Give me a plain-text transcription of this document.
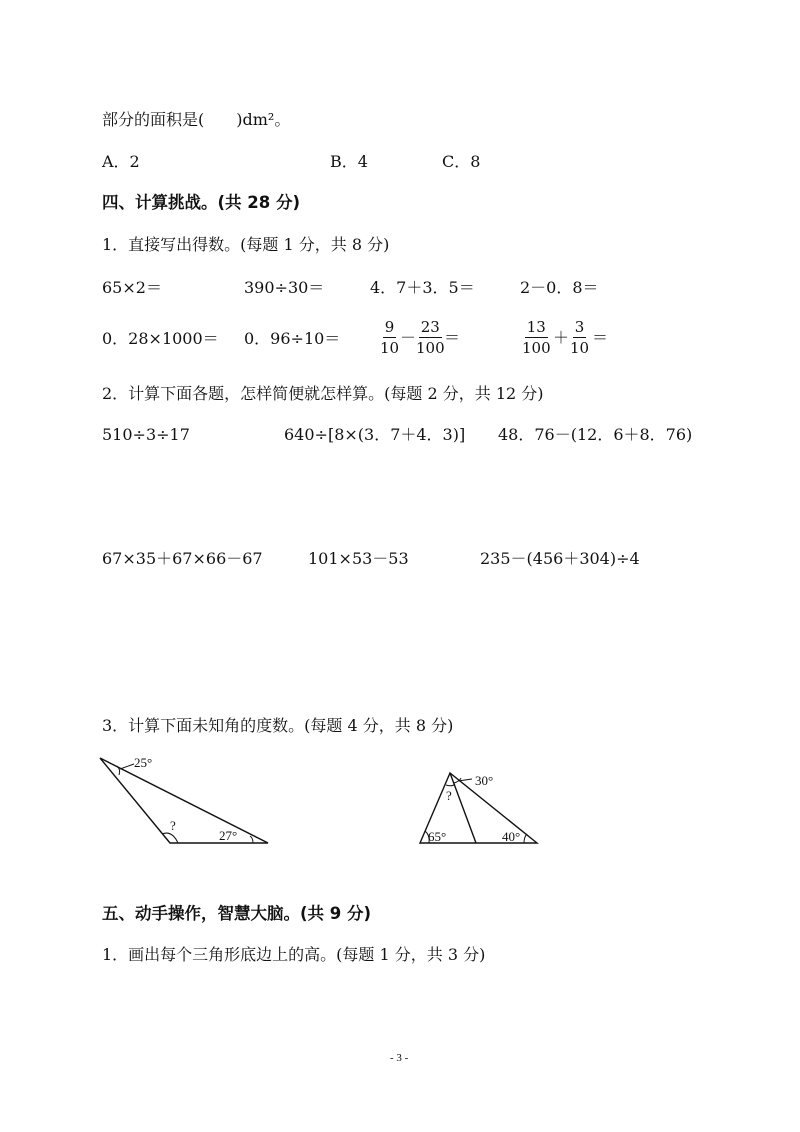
部分的面积是(　　)dm²。
A．2	B．4	C．8
四、计算挑战。(共 28 分)
1．直接写出得数。(每题 1 分，共 8 分)
65×2＝	390÷30＝	4．7＋3．5＝	2－0．8＝
0．28×1000＝ 0．96÷10＝	$\frac{9}{10}$
－
$\frac{23}{100}$
＝	$\frac{13}{100}$ ＋
$\frac{3}{10}$ ＝
2．计算下面各题，怎样简便就怎样算。(每题 2 分，共 12 分)
510÷3÷17	640÷[8×(3．7＋4．3)] 48．76－(12．6＋8．76)
67×35＋67×66－67	101×53－53	235－(456＋304)÷4
3．计算下面未知角的度数。(每题 4 分，共 8 分)
25°
?
27°
?
30°
65°	40°
五、动手操作，智慧大脑。(共 9 分)
1．画出每个三角形底边上的高。(每题 1 分，共 3 分)
- 3 -
